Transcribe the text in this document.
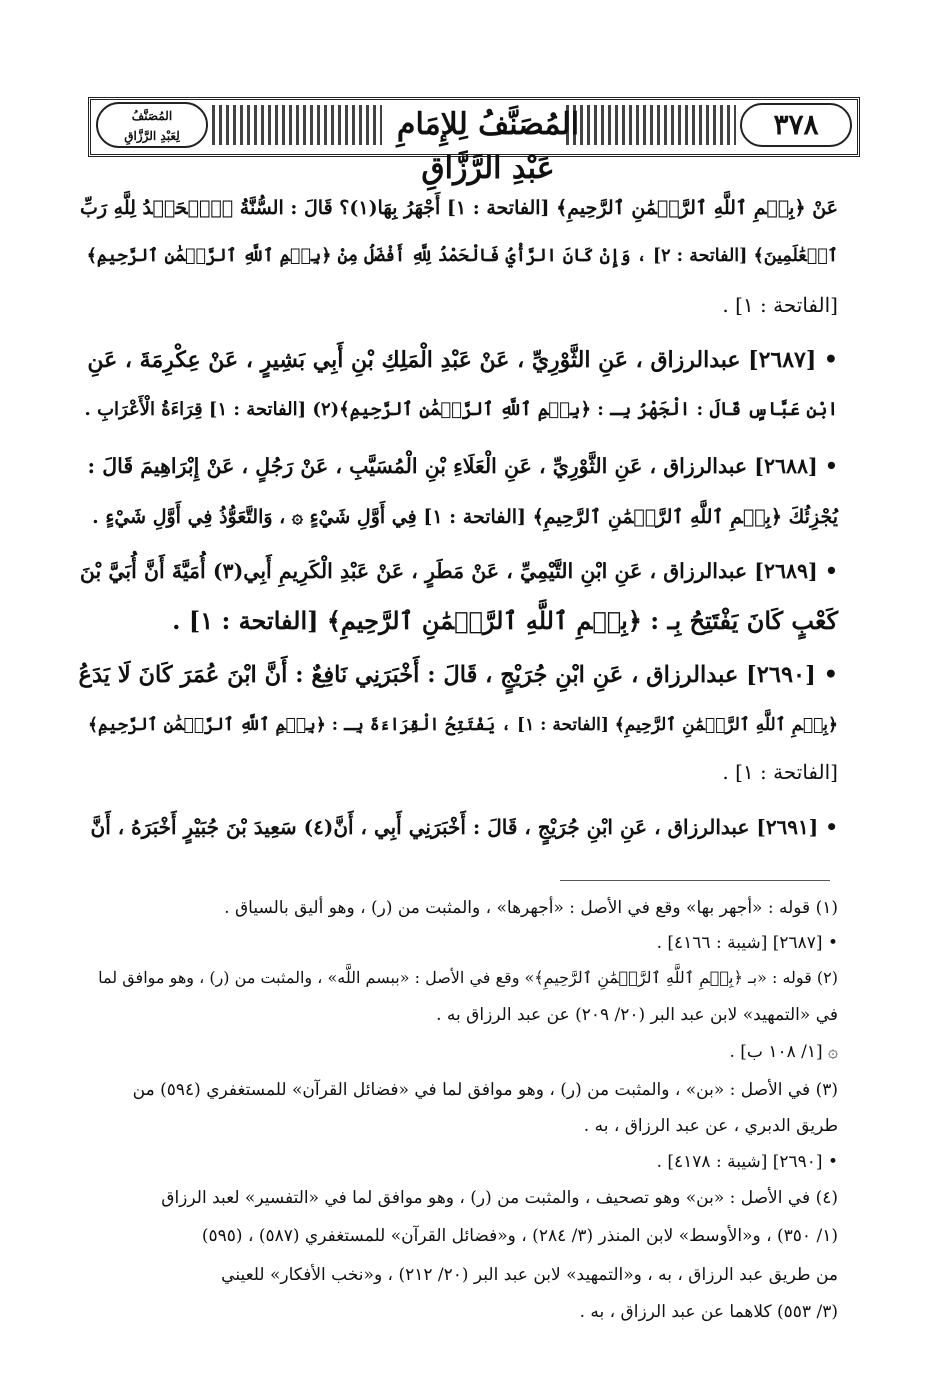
المُصَنَّفُ
لِعَبْدِ الرَّزَّاقِ	المُصَنَّفُ لِلإِمَامِ عَبْدِ الرَّزَّاقِ
٣٧٨
عَنْ ﴿بِسۡمِ ٱللَّهِ ٱلرَّحۡمَٰنِ ٱلرَّحِيمِ﴾ [الفاتحة : ١] أَجْهَرُ بِهَا(١)؟ قَالَ : السُّنَّةُ ﴿ٱلۡحَمۡدُ لِلَّهِ رَبِّ
ٱلۡعَٰلَمِينَ﴾ [الفاتحة : ٢] ، وَإِنْ كَانَ الرَّأْيُ فَالْحَمْدُ لِلَّهِ أَفْضَلُ مِنْ ﴿بِسۡمِ ٱللَّهِ ٱلرَّحۡمَٰنِ ٱلرَّحِيمِ﴾
[الفاتحة : ١] .
• [٢٦٨٧] عبدالرزاق ، عَنِ الثَّوْرِيِّ ، عَنْ عَبْدِ الْمَلِكِ بْنِ أَبِي بَشِيرٍ ، عَنْ عِكْرِمَةَ ، عَنِ
ابْنِ عَبَّاسٍ قَالَ : الْجَهْرُ بِـ : ﴿بِسۡمِ ٱللَّهِ ٱلرَّحۡمَٰنِ ٱلرَّحِيمِ﴾(٢) [الفاتحة : ١] قِرَاءَةُ الْأَعْرَابِ .
• [٢٦٨٨] عبدالرزاق ، عَنِ الثَّوْرِيِّ ، عَنِ الْعَلَاءِ بْنِ الْمُسَيَّبِ ، عَنْ رَجُلٍ ، عَنْ إِبْرَاهِيمَ قَالَ :
يُجْزِئُكَ ﴿بِسۡمِ ٱللَّهِ ٱلرَّحۡمَٰنِ ٱلرَّحِيمِ﴾ [الفاتحة : ١] فِي أَوَّلِ شَيْءٍ ۞ ، وَالتَّعَوُّذُ فِي أَوَّلِ شَيْءٍ .
• [٢٦٨٩] عبدالرزاق ، عَنِ ابْنِ التَّيْمِيِّ ، عَنْ مَطَرٍ ، عَنْ عَبْدِ الْكَرِيمِ أَبِي(٣) أُمَيَّةَ أَنَّ أُبَيَّ بْنَ
كَعْبٍ كَانَ يَفْتَتِحُ بِـ : ﴿بِسۡمِ ٱللَّهِ ٱلرَّحۡمَٰنِ ٱلرَّحِيمِ﴾ [الفاتحة : ١] .
• [٢٦٩٠] عبدالرزاق ، عَنِ ابْنِ جُرَيْجٍ ، قَالَ : أَخْبَرَنِي نَافِعٌ : أَنَّ ابْنَ عُمَرَ كَانَ لَا يَدَعُ
﴿بِسۡمِ ٱللَّهِ ٱلرَّحۡمَٰنِ ٱلرَّحِيمِ﴾ [الفاتحة : ١] ، يَفْتَتِحُ الْقِرَاءَةَ بِـ : ﴿بِسۡمِ ٱللَّهِ ٱلرَّحۡمَٰنِ ٱلرَّحِيمِ﴾
[الفاتحة : ١] .
• [٢٦٩١] عبدالرزاق ، عَنِ ابْنِ جُرَيْجٍ ، قَالَ : أَخْبَرَنِي أَبِي ، أَنَّ(٤) سَعِيدَ بْنَ جُبَيْرٍ أَخْبَرَهُ ، أَنَّ
(١) قوله : «أجهر بها» وقع في الأصل : «أجهرها» ، والمثبت من (ر) ، وهو أليق بالسياق .
• [٢٦٨٧] [شيبة : ٤١٦٦] .
(٢) قوله : «بـ ﴿بِسۡمِ ٱللَّهِ ٱلرَّحۡمَٰنِ ٱلرَّحِيمِ﴾» وقع في الأصل : «ببسم اللَّه» ، والمثبت من (ر) ، وهو موافق لما
في «التمهيد» لابن عبد البر (٢٠/ ٢٠٩) عن عبد الرزاق به .
۞ [١/ ١٠٨ ب] .
(٣) في الأصل : «بن» ، والمثبت من (ر) ، وهو موافق لما في «فضائل القرآن» للمستغفري (٥٩٤) من
طريق الدبري ، عن عبد الرزاق ، به .
• [٢٦٩٠] [شيبة : ٤١٧٨] .
(٤) في الأصل : «بن» وهو تصحيف ، والمثبت من (ر) ، وهو موافق لما في «التفسير» لعبد الرزاق
(١/ ٣٥٠) ، و«الأوسط» لابن المنذر (٣/ ٢٨٤) ، و«فضائل القرآن» للمستغفري (٥٨٧) ، (٥٩٥)
من طريق عبد الرزاق ، به ، و«التمهيد» لابن عبد البر (٢٠/ ٢١٢) ، و«نخب الأفكار» للعيني
(٣/ ٥٥٣) كلاهما عن عبد الرزاق ، به .
